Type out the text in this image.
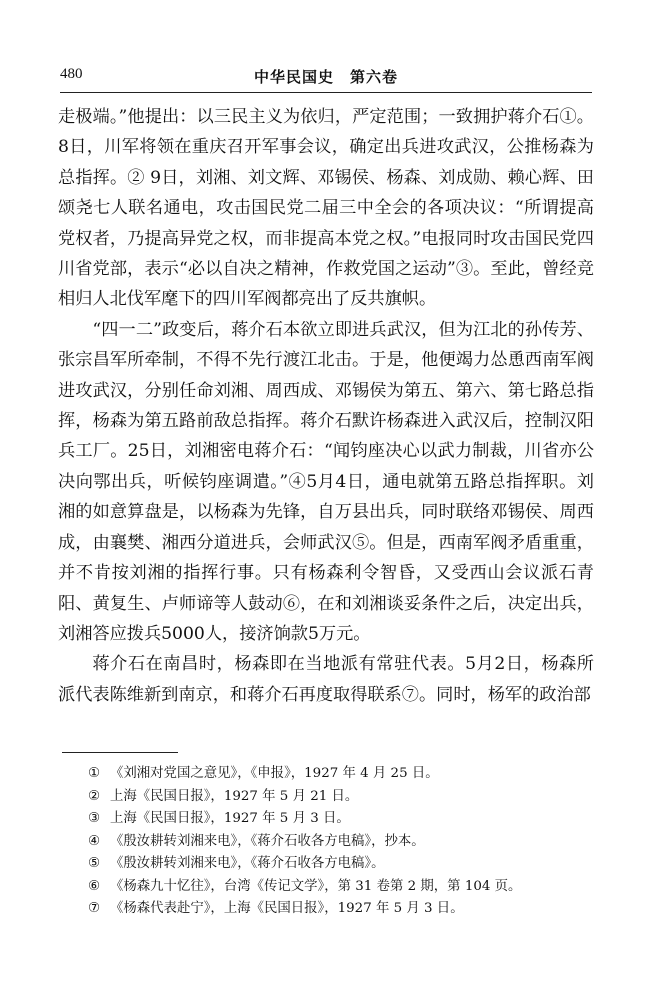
480	中华民国史　第六卷

走极端。”他提出：以三民主义为依归，严定范围；一致拥护蒋介石①。8日，川军将领在重庆召开军事会议，确定出兵进攻武汉，公推杨森为总指挥。② 9日，刘湘、刘文辉、邓锡侯、杨森、刘成勋、赖心辉、田颂尧七人联名通电，攻击国民党二届三中全会的各项决议：“所谓提高党权者，乃提高异党之权，而非提高本党之权。”电报同时攻击国民党四川省党部，表示“必以自决之精神，作救党国之运动”③。至此，曾经竞相归人北伐军麾下的四川军阀都亮出了反共旗帜。

“四一二”政变后，蒋介石本欲立即进兵武汉，但为江北的孙传芳、张宗昌军所牵制，不得不先行渡江北击。于是，他便竭力怂恿西南军阀进攻武汉，分别任命刘湘、周西成、邓锡侯为第五、第六、第七路总指挥，杨森为第五路前敌总指挥。蒋介石默许杨森进入武汉后，控制汉阳兵工厂。25日，刘湘密电蒋介石：“闻钧座决心以武力制裁，川省亦公决向鄂出兵，听候钧座调遣。”④5月4日，通电就第五路总指挥职。刘湘的如意算盘是，以杨森为先锋，自万县出兵，同时联络邓锡侯、周西成，由襄樊、湘西分道进兵，会师武汉⑤。但是，西南军阀矛盾重重，并不肯按刘湘的指挥行事。只有杨森利令智昏，又受西山会议派石青阳、黄复生、卢师谛等人鼓动⑥，在和刘湘谈妥条件之后，决定出兵，刘湘答应拨兵5000人，接济饷款5万元。

蒋介石在南昌时，杨森即在当地派有常驻代表。5月2日，杨森所派代表陈维新到南京，和蒋介石再度取得联系⑦。同时，杨军的政治部

① 《刘湘对党国之意见》，《申报》，1927 年 4 月 25 日。
② 上海《民国日报》，1927 年 5 月 21 日。
③ 上海《民国日报》，1927 年 5 月 3 日。
④ 《殷汝耕转刘湘来电》，《蒋介石收各方电稿》，抄本。
⑤ 《殷汝耕转刘湘来电》，《蒋介石收各方电稿》。
⑥ 《杨森九十忆往》，台湾《传记文学》，第 31 卷第 2 期，第 104 页。
⑦ 《杨森代表赴宁》，上海《民国日报》，1927 年 5 月 3 日。
